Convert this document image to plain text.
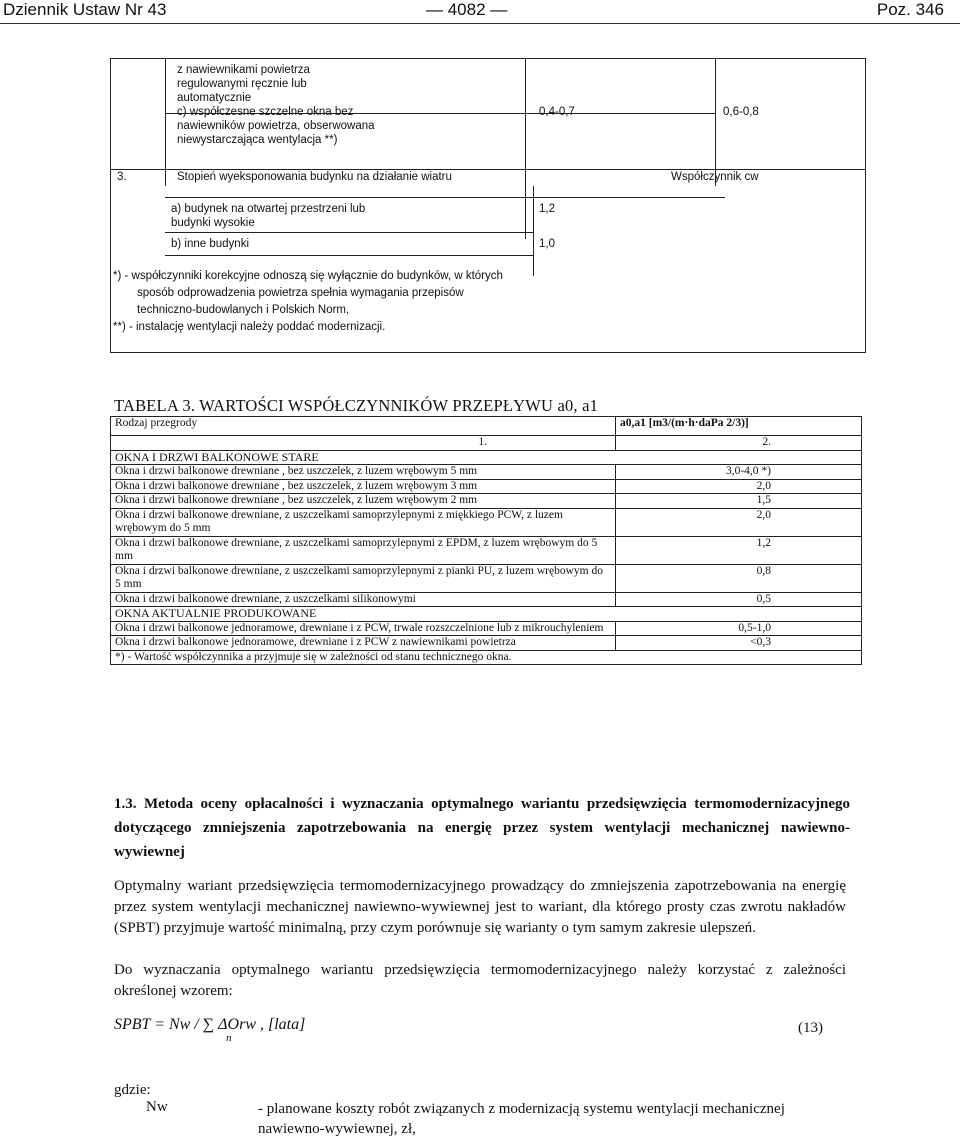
Dziennik Ustaw Nr 43	— 4082 —	Poz. 346
z nawiewnikami powietrza
regulowanymi ręcznie lub
automatycznie
c) współczesne szczelne okna bez
nawiewników powietrza, obserwowana
niewystarczająca wentylacja **)
0,4-0,7	0,6-0,8
3.	Stopień wyeksponowania budynku na działanie wiatru	Współczynnik cw
a) budynek na otwartej przestrzeni lub
budynki wysokie
1,2
b) inne budynki	1,0
*) - współczynniki korekcyjne odnoszą się wyłącznie do budynków, w których
sposób odprowadzenia powietrza spełnia wymagania przepisów
techniczno-budowlanych i Polskich Norm,
**) - instalację wentylacji należy poddać modernizacji.
TABELA 3. WARTOŚCI WSPÓŁCZYNNIKÓW PRZEPŁYWU a0, a1
Rodzaj przegrody	a0,a1 [m3/(m·h·daPa 2/3)]
1.	2.
OKNA I DRZWI BALKONOWE STARE	
Okna i drzwi balkonowe drewniane , bez uszczelek, z luzem wrębowym 5 mm	3,0-4,0 *)
Okna i drzwi balkonowe drewniane , bez uszczelek, z luzem wrębowym 3 mm	2,0
Okna i drzwi balkonowe drewniane , bez uszczelek, z luzem wrębowym 2 mm	1,5
Okna i drzwi balkonowe drewniane, z uszczelkami samoprzylepnymi z miękkiego PCW, z luzem wrębowym do 5 mm	2,0
Okna i drzwi balkonowe drewniane, z uszczelkami samoprzylepnymi z EPDM, z luzem wrębowym do 5 mm	1,2
Okna i drzwi balkonowe drewniane, z uszczelkami samoprzylepnymi z pianki PU, z luzem wrębowym do 5 mm	0,8
Okna i drzwi balkonowe drewniane, z uszczelkami silikonowymi	0,5
OKNA AKTUALNIE PRODUKOWANE	
Okna i drzwi balkonowe jednoramowe, drewniane i z PCW, trwale rozszczelnione lub z mikrouchyleniem	0,5-1,0
Okna i drzwi balkonowe jednoramowe, drewniane i z PCW z nawiewnikami powietrza	<0,3
*) - Wartość współczynnika a przyjmuje się w zależności od stanu technicznego okna.	
1.3. Metoda oceny opłacalności i wyznaczania optymalnego wariantu przedsięwzięcia termomodernizacyjnego dotyczącego zmniejszenia zapotrzebowania na energię przez system wentylacji mechanicznej nawiewno-wywiewnej
Optymalny wariant przedsięwzięcia termomodernizacyjnego prowadzący do zmniejszenia zapotrzebowania na energię przez system wentylacji mechanicznej nawiewno-wywiewnej jest to wariant, dla którego prosty czas zwrotu nakładów (SPBT) przyjmuje wartość minimalną, przy czym porównuje się warianty o tym samym zakresie ulepszeń.
Do wyznaczania optymalnego wariantu przedsięwzięcia termomodernizacyjnego należy korzystać z zależności określonej wzorem:
SPBT = Nw / ∑ ΔOrw , [lata]
n
(13)
gdzie:
Nw	- planowane koszty robót związanych z modernizacją systemu wentylacji mechanicznej nawiewno-wywiewnej, zł,
